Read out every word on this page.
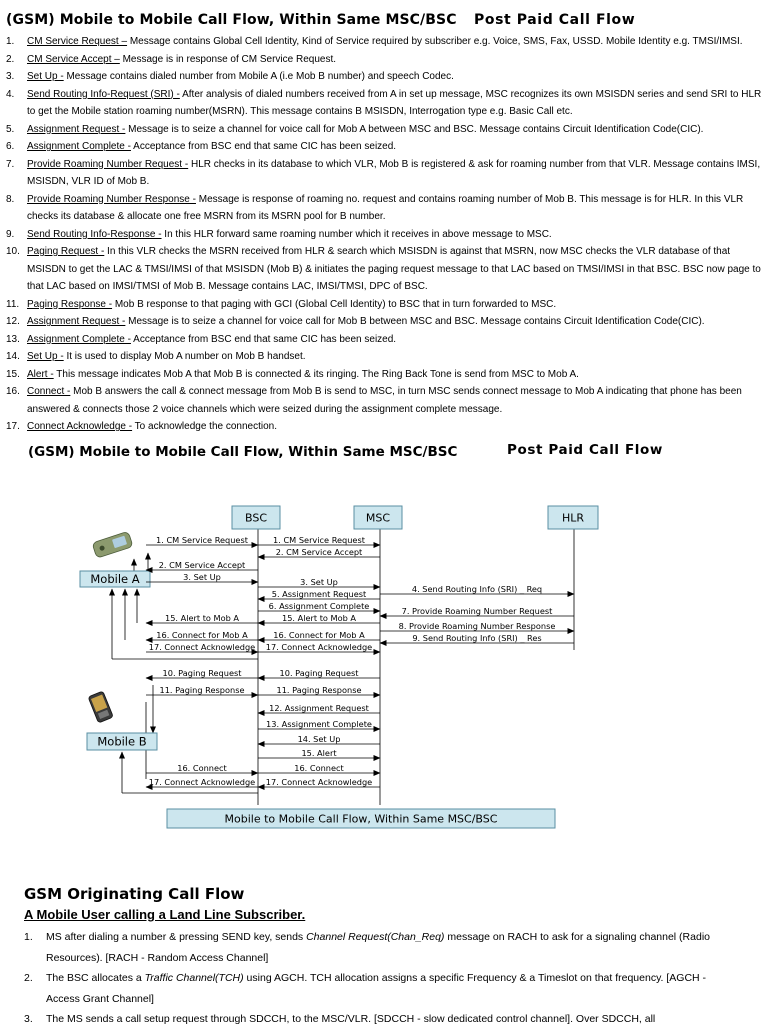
(GSM) Mobile to Mobile Call Flow, Within Same MSC/BSC Post Paid Call Flow
1. CM Service Request – Message contains Global Cell Identity, Kind of Service required by subscriber e.g. Voice, SMS, Fax, USSD. Mobile Identity e.g. TMSI/IMSI.
2. CM Service Accept – Message is in response of CM Service Request.
3. Set Up - Message contains dialed number from Mobile A (i.e Mob B number) and speech Codec.
4. Send Routing Info-Request (SRI) - After analysis of dialed numbers received from A in set up message, MSC recognizes its own MSISDN series and send SRI to HLR to get the Mobile station roaming number(MSRN). This message contains B MSISDN, Interrogation type e.g. Basic Call etc.
5. Assignment Request - Message is to seize a channel for voice call for Mob A between MSC and BSC. Message contains Circuit Identification Code(CIC).
6. Assignment Complete - Acceptance from BSC end that same CIC has been seized.
7. Provide Roaming Number Request - HLR checks in its database to which VLR, Mob B is registered & ask for roaming number from that VLR. Message contains IMSI, MSISDN, VLR ID of Mob B.
8. Provide Roaming Number Response - Message is response of roaming no. request and contains roaming number of Mob B. This message is for HLR. In this VLR checks its database & allocate one free MSRN from its MSRN pool for B number.
9. Send Routing Info-Response - In this HLR forward same roaming number which it receives in above message to MSC.
10. Paging Request - In this VLR checks the MSRN received from HLR & search which MSISDN is against that MSRN, now MSC checks the VLR database of that MSISDN to get the LAC & TMSI/IMSI of that MSISDN (Mob B) & initiates the paging request message to that LAC based on TMSI/IMSI in that BSC. BSC now page to that LAC based on IMSI/TMSI of Mob B. Message contains LAC, IMSI/TMSI, DPC of BSC.
11. Paging Response - Mob B response to that paging with GCI (Global Cell Identity) to BSC that in turn forwarded to MSC.
12. Assignment Request - Message is to seize a channel for voice call for Mob B between MSC and BSC. Message contains Circuit Identification Code(CIC).
13. Assignment Complete - Acceptance from BSC end that same CIC has been seized.
14. Set Up - It is used to display Mob A number on Mob B handset.
15. Alert - This message indicates Mob A that Mob B is connected & its ringing. The Ring Back Tone is send from MSC to Mob A.
16. Connect - Mob B answers the call & connect message from Mob B is send to MSC, in turn MSC sends connect message to Mob A indicating that phone has been answered & connects those 2 voice channels which were seized during the assignment complete message.
17. Connect Acknowledge - To acknowledge the connection.
(GSM) Mobile to Mobile Call Flow, Within Same MSC/BSC	Post Paid Call Flow
BSC	MSC	HLR
Mobile A
Mobile B
1. CM Service Request	1. CM Service Request
2. CM Service Accept
2. CM Service Accept
3. Set Up	3. Set Up
4. Send Routing Info (SRI) _ Req
5. Assignment Request
6. Assignment Complete	7. Provide Roaming Number Request
15. Alert to Mob A	15. Alert to Mob A
8. Provide Roaming Number Response
9. Send Routing Info (SRI) _ Res
16. Connect for Mob A	16. Connect for Mob A
17. Connect Acknowledge 17. Connect Acknowledge
10. Paging Request	10. Paging Request
11. Paging Response	11. Paging Response
12. Assignment Request
13. Assignment Complete
14. Set Up
15. Alert
16. Connect	16. Connect
17. Connect Acknowledge 17. Connect Acknowledge
Mobile to Mobile Call Flow, Within Same MSC/BSC
GSM Originating Call Flow
A Mobile User calling a Land Line Subscriber.
1. MS after dialing a number & pressing SEND key, sends Channel Request(Chan_Req) message on RACH to ask for a signaling channel (Radio Resources). [RACH - Random Access Channel]
2. The BSC allocates a Traffic Channel(TCH) using AGCH. TCH allocation assigns a specific Frequency & a Timeslot on that frequency. [AGCH - Access Grant Channel]
3. The MS sends a call setup request through SDCCH, to the MSC/VLR. [SDCCH - slow dedicated control channel]. Over SDCCH, all
